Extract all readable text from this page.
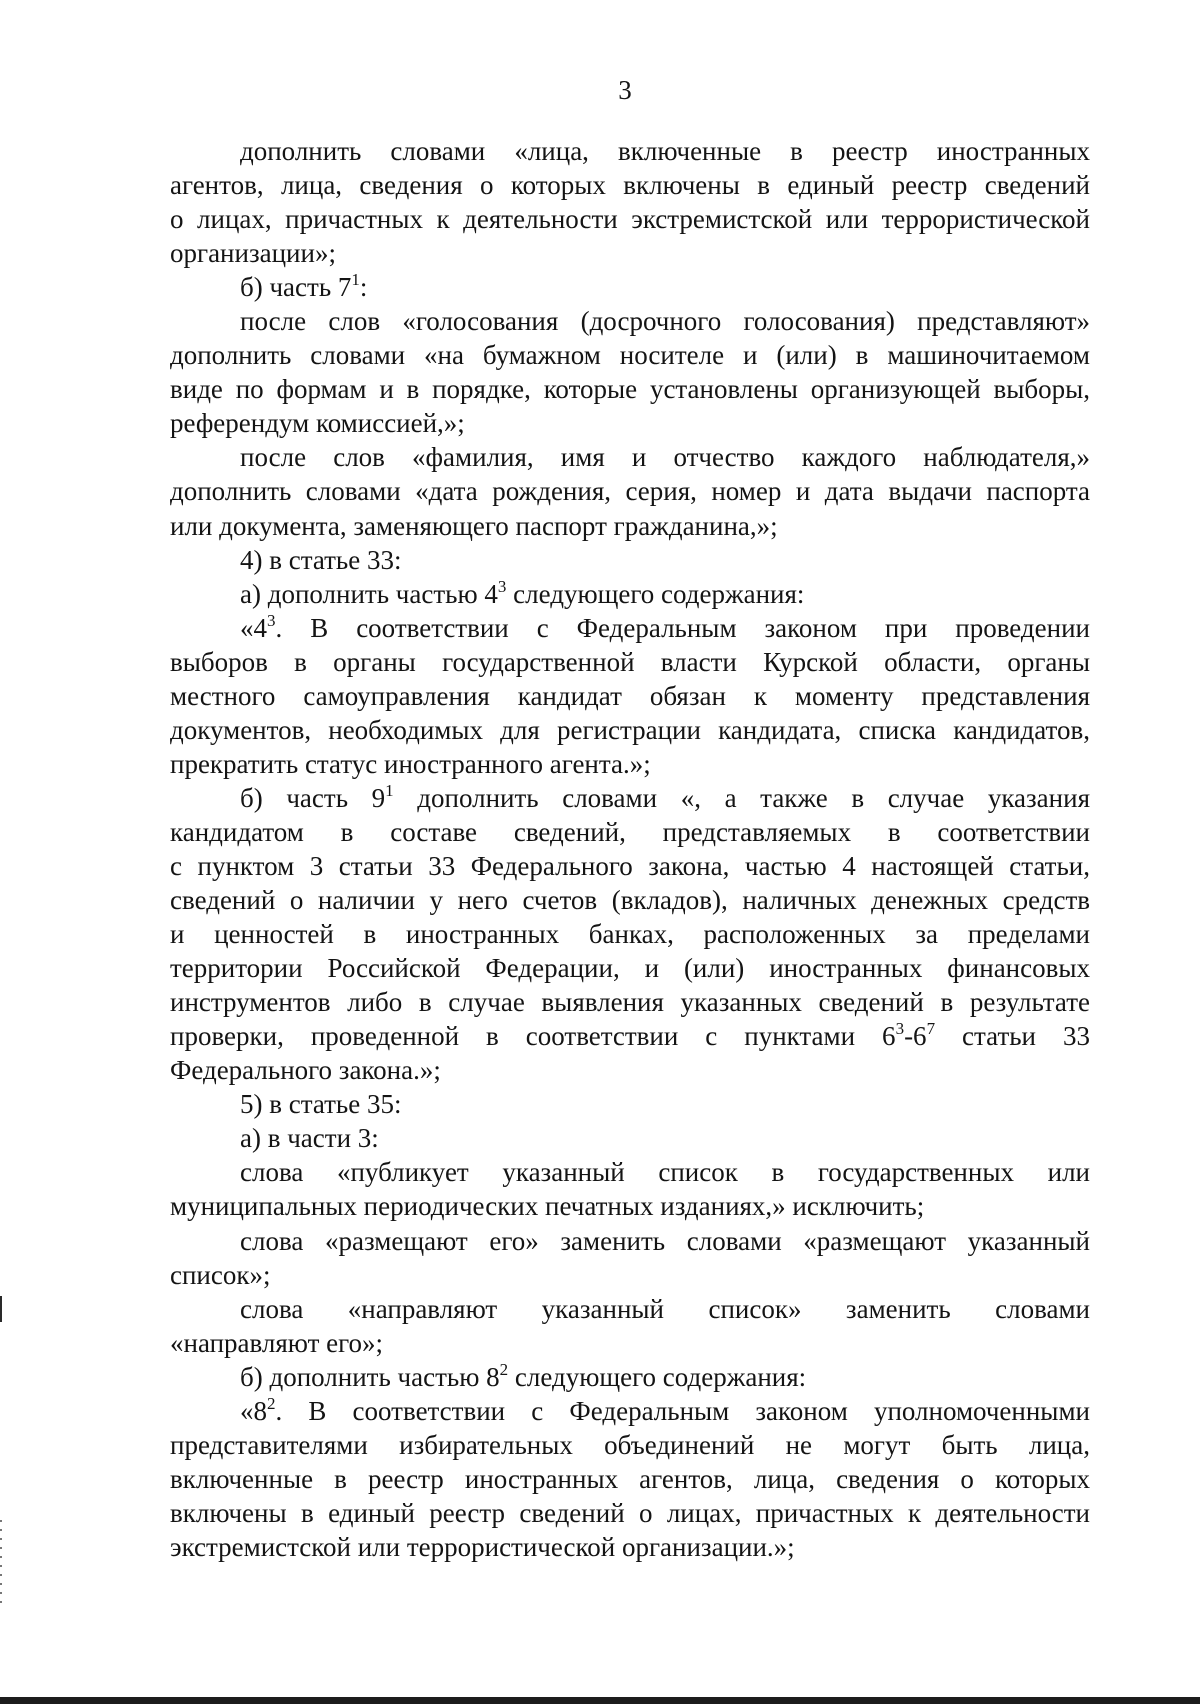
3

дополнить словами «лица, включенные в реестр иностранных

агентов, лица, сведения о которых включены в единый реестр сведений

о лицах, причастных к деятельности экстремистской или террористической

организации»;

б) часть $7^1$:

после слов «голосования (досрочного голосования) представляют»

дополнить словами «на бумажном носителе и (или) в машиночитаемом

виде по формам и в порядке, которые установлены организующей выборы,

референдум комиссией,»;

после слов «фамилия, имя и отчество каждого наблюдателя,»

дополнить словами «дата рождения, серия, номер и дата выдачи паспорта

или документа, заменяющего паспорт гражданина,»;

4) в статье 33:

а) дополнить частью $4^3$ следующего содержания:

«$4^3$. В соответствии с Федеральным законом при проведении

выборов в органы государственной власти Курской области, органы

местного самоуправления кандидат обязан к моменту представления

документов, необходимых для регистрации кандидата, списка кандидатов,

прекратить статус иностранного агента.»;

б) часть $9^1$ дополнить словами «, а также в случае указания

кандидатом в составе сведений, представляемых в соответствии

с пунктом 3 статьи 33 Федерального закона, частью 4 настоящей статьи,

сведений о наличии у него счетов (вкладов), наличных денежных средств

и ценностей в иностранных банках, расположенных за пределами

территории Российской Федерации, и (или) иностранных финансовых

инструментов либо в случае выявления указанных сведений в результате

проверки, проведенной в соответствии с пунктами $6^3-6^7$ статьи 33

Федерального закона.»;

5) в статье 35:

а) в части 3:

слова «публикует указанный список в государственных или

муниципальных периодических печатных изданиях,» исключить;

слова «размещают его» заменить словами «размещают указанный

список»;

слова «направляют указанный список» заменить словами

«направляют его»;

б) дополнить частью $8^2$ следующего содержания:

«$8^2$. В соответствии с Федеральным законом уполномоченными

представителями избирательных объединений не могут быть лица,

включенные в реестр иностранных агентов, лица, сведения о которых

включены в единый реестр сведений о лицах, причастных к деятельности

экстремистской или террористической организации.»;
